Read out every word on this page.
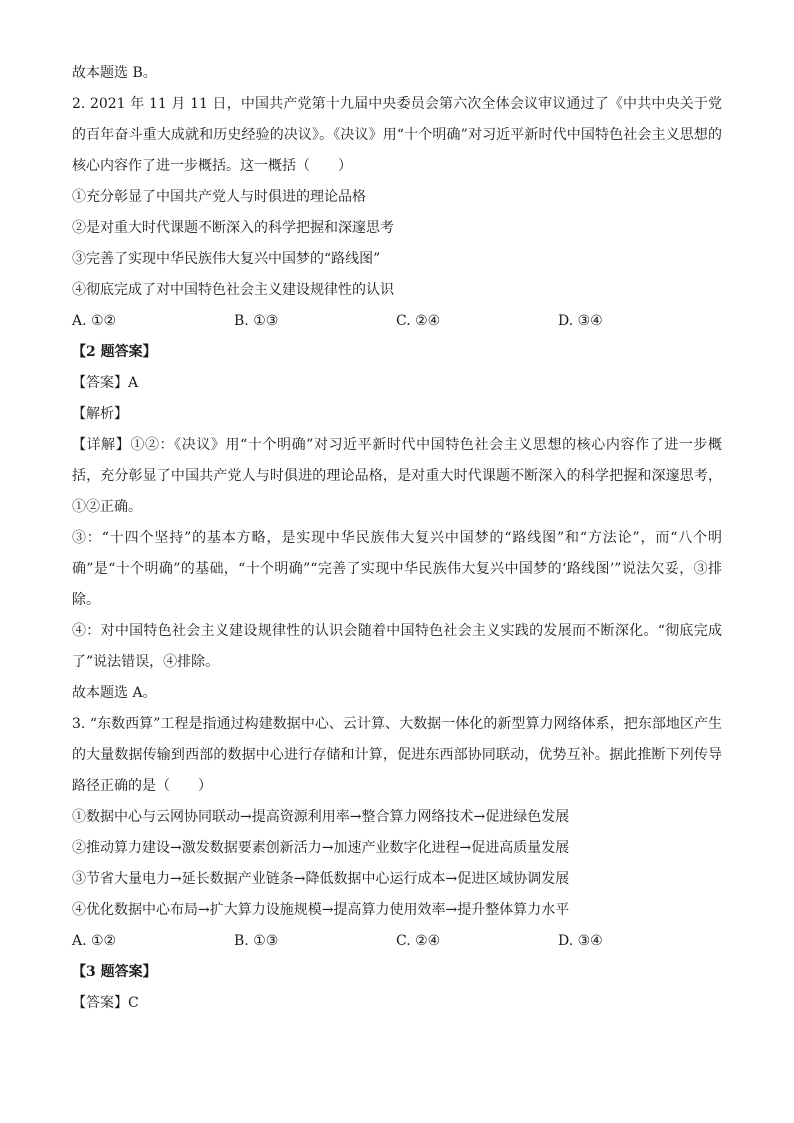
故本题选 B。
2. 2021 年 11 月 11 日，中国共产党第十九届中央委员会第六次全体会议审议通过了《中共中央关于党的百年奋斗重大成就和历史经验的决议》。《决议》用“十个明确”对习近平新时代中国特色社会主义思想的核心内容作了进一步概括。这一概括（　　）
①充分彰显了中国共产党人与时俱进的理论品格
②是对重大时代课题不断深入的科学把握和深邃思考
③完善了实现中华民族伟大复兴中国梦的“路线图”
④彻底完成了对中国特色社会主义建设规律性的认识
A. ①②	B. ①③	C. ②④	D. ③④
【2 题答案】
【答案】A
【解析】
【详解】①②：《决议》用“十个明确”对习近平新时代中国特色社会主义思想的核心内容作了进一步概括，充分彰显了中国共产党人与时俱进的理论品格，是对重大时代课题不断深入的科学把握和深邃思考，①②正确。
③：“十四个坚持”的基本方略，是实现中华民族伟大复兴中国梦的“路线图”和“方法论”，而“八个明确”是“十个明确”的基础，“十个明确”“完善了实现中华民族伟大复兴中国梦的‘路线图’”说法欠妥，③排除。
④：对中国特色社会主义建设规律性的认识会随着中国特色社会主义实践的发展而不断深化。“彻底完成了”说法错误，④排除。
故本题选 A。
3. “东数西算”工程是指通过构建数据中心、云计算、大数据一体化的新型算力网络体系，把东部地区产生的大量数据传输到西部的数据中心进行存储和计算，促进东西部协同联动，优势互补。据此推断下列传导路径正确的是（　　）
①数据中心与云网协同联动→提高资源利用率→整合算力网络技术→促进绿色发展
②推动算力建设→激发数据要素创新活力→加速产业数字化进程→促进高质量发展
③节省大量电力→延长数据产业链条→降低数据中心运行成本→促进区域协调发展
④优化数据中心布局→扩大算力设施规模→提高算力使用效率→提升整体算力水平
A. ①②	B. ①③	C. ②④	D. ③④
【3 题答案】
【答案】C
